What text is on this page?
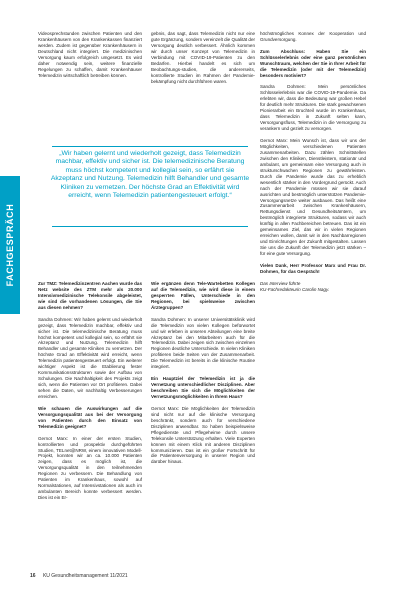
FACHGESPRÄCH

Videosprechstunden zwischen Patienten und den Krankenhäusern von den Krankenkassen finanziert werden. Zudem ist gegenüber Krankenhäusern in Deutschland nicht integriert. Die medizinischen Versorgung kaum erfolgreich umgesetzt. Es wird daher notwendig sein, weitere finanzielle Regelungen zu schaffen, damit Krankenhäuser Telemedizin wirtschaftlich betreiben können.

gebnis, das sagt, dass Telemedizin nicht nur eine gute Ergänzung, sondern vereinzelt die Qualität der Versorgung deutlich verbessert. Ähnlich kommen wir durch unser Konzept von Telemedizin in Verbindung mit COVID-19-Patienten zu den Bedarfen. Hierbei handelt es sich um Beobachtungs-studien, die andererseits, kontrollierte Studien im Rahmen der Pandemie-bekämpfung nicht durchführen waren.

„Wir haben gelernt und wiederholt gezeigt, dass Telemedizin machbar, effektiv und sicher ist. Die telemedizinische Beratung muss höchst kompetent und kollegial sein, so erfährt sie Akzeptanz und Nutzung. Telemedizin hilft Behandler und gesamte Kliniken zu vernetzen. Der höchste Grad an Effektivität wird erreicht, wenn Telemedizin patientengesteuert erfolgt.“

Zur TMZ: Telemedizinzentren Aachen wurde das Netz website des ZTM mehr als 20.000 Intensivmedizinische Telekonsile abgeleistet, wie sind die vorhandenen Lösungen, die Sie aus diesen nehmen?

Sandra Dohmen: Wir haben gelernt und wiederholt gezeigt, dass Telemedizin machbar, effektiv und sicher ist. Die telemedizinische Beratung muss höchst kompetent und kollegial sein, so erfährt sie Akzeptanz und Nutzung. Telemedizin hilft Behandler und gesamte Kliniken zu vernetzen. Der höchste Grad an Effektivität wird erreicht, wenn Telemedizin patientengesteuert erfolgt. Ein weiterer wichtiger Aspekt ist die Etablierung fester Kommunikationsstrukturen sowie der Aufbau von Schulungen. Die Nachhaltigkeit des Projekts zeigt sich, wenn die Patienten vor Ort profitieren. Dabei sehen die Daten, wir nachhaltig Verbesserungen erreichen.

Wie schauen die Auswirkungen auf die Versorgungsqualität aus bei der Versorgung von Patienten durch den Einsatz von Telemedizin geeignet?

Gernot Marx: In einer der ersten Studien, kontrollierten und prospektiv durchgeführten Studien, TELnet@NRW, einem innovativen Modell-Projekt, konnten wir an ca. 10.000 Patienten zeigen, dass es möglich ist, die Versorgungsqualität in den teilnehmenden Regionen zu verbessern. Die Behandlung von Patienten im Krankenhaus, sowohl auf Normalstationen, auf Intensivstationen als auch im ambulanten Bereich konnte verbessert werden. Dies ist ein Er-

Wie ergänzen denn Tele-Wartebetten Kollegen auf die Telemedizin, wie wird diese in einem gesperrten Fällen, Unterschiede in den Regionen, bei spielsweise zwischen Ärztegruppen?

Sandra Dohmen: In unserer Universitätsklinik wird die Telemedizin von vielen Kollegen befürwortet und wir erleben in unseren Abteilungen eine breite Akzeptanz bei den Mitarbeitern auch für die Telemedizin. Dabei zeigen sich zwischen einzelnen Regionen deutliche Unterschiede. In vielen Kliniken profitieren beide Seiten von der Zusammenarbeit. Die Telemedizin ist bereits in die klinische Routine integriert.

Ein Hauptziel der Telemedizin ist ja die Vernetzung unterschiedlicher Disziplinen. Aber beschreiben Sie sich die Möglichkeiten der Vernetzungsmöglichkeiten in Ihrem Haus?

Gernot Marx: Die Möglichkeiten der Telemedizin sind nicht nur auf die klinische Versorgung beschränkt, sondern auch für verschiedene Disziplinen anwendbar. So haben beispielsweise Pflegedienste und Pflegeheime durch unsere Telekonsile Unterstützung erhalten. Viele Experten können mit einem Klick mit anderen Disziplinen kommunizieren. Das ist ein großer Fortschritt für die Patientenversorgung in unserer Region und darüber hinaus.

höchstmögliches Konnex der Kooperation und Grundversorgung.

Zum Abschluss: Haben Sie ein Schlüsselerlebnis oder eine ganz persönlichen Wunschtraum, welchen der Sie in Ihrer Arbeit für die Telemedizin (oder mit der Telemedizin) besonders motiviert?

Sandra Dohmen: Mein persönliches Schlüsselerlebnis war die COVID-19-Pandemie. Da erlebten wir, dass die Bedeutung war großen Hebel für deutlich mehr Strukturen. Die stark gewachsenen Pionierarbeit ein Bruchteil wurde im Krankenhaus, dass Telemedizin in Zukunft selten kann, Versorgungsfluss, Telemedizin in die Versorgung zu verankern und gezielt zu versorgen.

Gernot Marx: Mein Wunsch ist, dass wir uns der Möglichkeiten, verschiedenen Patienten zusammenarbeiten. Dazu zählen Schnittstellen zwischen den Kliniken, Dienstleistern, stationär und ambulant, um gemeinsam eine Versorgung auch in strukturschwachen Regionen zu gewährleisten. Durch die Pandemie wurde das zu erheblich wesentlich stärker in den Vordergrund gerückt. Auch nach der Pandemie müssen wir sie darauf ausrichten und bestmöglich unterstützen Pandemie-Versorgungsnetze weiter ausbauen. Das heißt eine Zusammenarbeit zwischen Krankenhäusern, Rettungsdienst und Gesundheitsämtern, um bestmöglich integrierte Strukturen, sodass wir auch künftig in allen Fachbereichen betreuen. Das ist ein gemeinsames Ziel, das wir in vielen Regionen erreichen wollen, damit wir in den Nachbarregionen und Einrichtungen der Zukunft mitgestalten. Lassen Sie uns die Zukunft der Telemedizin jetzt stärken – für eine gute Versorgung.

Vielen Dank, Herr Professor Marx und Frau Dr. Dohmen, für das Gespräch!

Das Interview führte

KU-Fachredakteurin Carolin Nagy.

16 KU Gesundheitsmanagement 11/2021
